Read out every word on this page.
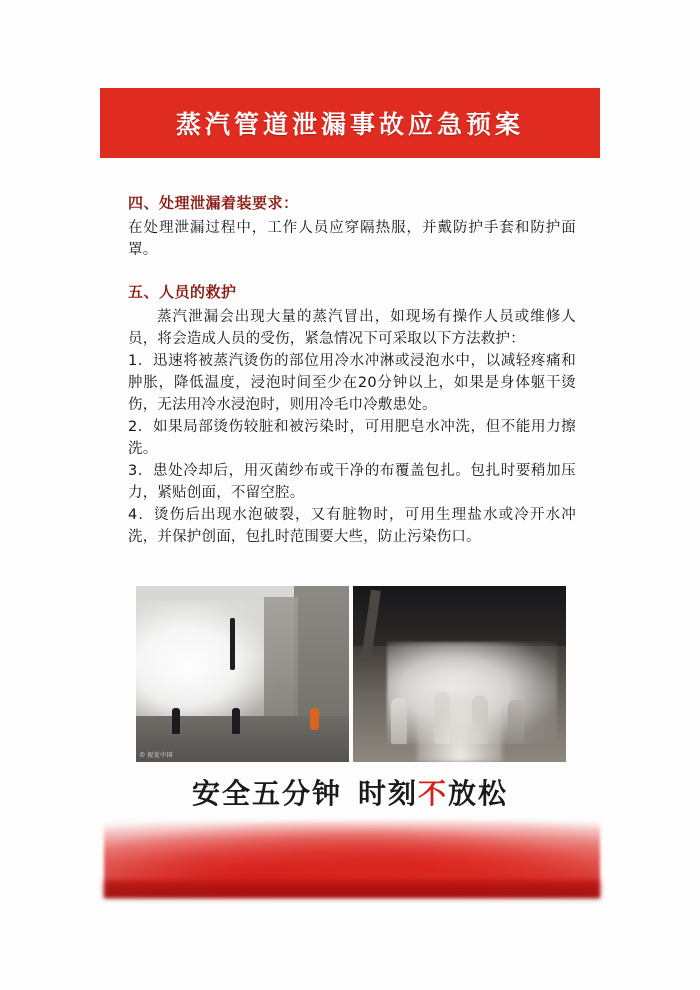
蒸汽管道泄漏事故应急预案
四、处理泄漏着装要求：

在处理泄漏过程中，工作人员应穿隔热服，并戴防护手套和防护面罩。

五、人员的救护

蒸汽泄漏会出现大量的蒸汽冒出，如现场有操作人员或维修人员，将会造成人员的受伤，紧急情况下可采取以下方法救护：

1．迅速将被蒸汽烫伤的部位用冷水冲淋或浸泡水中，以减轻疼痛和肿胀，降低温度，浸泡时间至少在20分钟以上，如果是身体躯干烫伤，无法用冷水浸泡时，则用冷毛巾冷敷患处。

2．如果局部烫伤较脏和被污染时，可用肥皂水冲洗，但不能用力擦洗。

3．患处冷却后，用灭菌纱布或干净的布覆盖包扎。包扎时要稍加压力，紧贴创面，不留空腔。

4．烫伤后出现水泡破裂，又有脏物时，可用生理盐水或冷开水冲洗，并保护创面，包扎时范围要大些，防止污染伤口。

© 视觉中国
安全五分钟 时刻不放松
